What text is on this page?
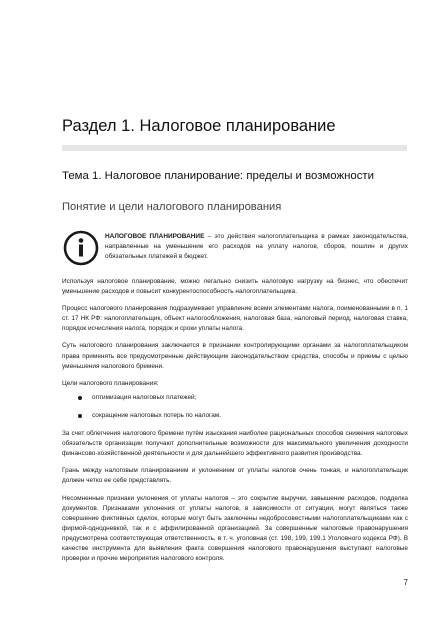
Раздел 1. Налоговое планирование
Тема 1. Налоговое планирование: пределы и возможности
Понятие и цели налогового планирования
НАЛОГОВОЕ ПЛАНИРОВАНИЕ – это действия налогоплательщика в рамках законодательства, направленные на уменьшение его расходов на уплату налогов, сборов, пошлин и других обязательных платежей в бюджет.

Используя налоговое планирование, можно легально снизить налоговую нагрузку на бизнес, что обеспечит уменьшение расходов и повысит конкурентоспособность налогоплательщика.

Процесс налогового планирования подразумевает управление всеми элементами налога, поименованными в п. 1 ст. 17 НК РФ: налогоплательщик, объект налогообложения, налоговая база, налоговый период, налоговая ставка, порядок исчисления налога, порядок и сроки уплаты налога.

Суть налогового планирования заключается в признании контролирующими органами за налогоплательщиком права применять все предусмотренные действующим законодательством средства, способы и приемы с целью уменьшения налогового бремени.

Цели налогового планирования:

оптимизация налоговых платежей;
сокращение налоговых потерь по налогам.

За счет облегчения налогового бремени путём изыскания наиболее рациональных способов снижения налоговых обязательств организации получают дополнительные возможности для максимального увеличения доходности финансово-хозяйственной деятельности и для дальнейшего эффективного развития производства.

Грань между налоговым планированием и уклонением от уплаты налогов очень тонкая, и налогоплательщик должен четко ее себе представлять.

Несомненные признаки уклонения от уплаты налогов – это сокрытие выручки, завышение расходов, подделка документов. Признаками уклонения от уплаты налогов, в зависимости от ситуации, могут являться также совершение фиктивных сделок, которые могут быть заключены недобросовестными налогоплательщиками как с фирмой-однодневкой, так и с аффилированной организацией. За совершенные налоговые правонарушения предусмотрена соответствующая ответственность, в т. ч. уголовная (ст. 198, 199, 199.1 Уголовного кодекса РФ). В качестве инструмента для выявления факта совершения налогового правонарушения выступают налоговые проверки и прочие мероприятия налогового контроля.

7
